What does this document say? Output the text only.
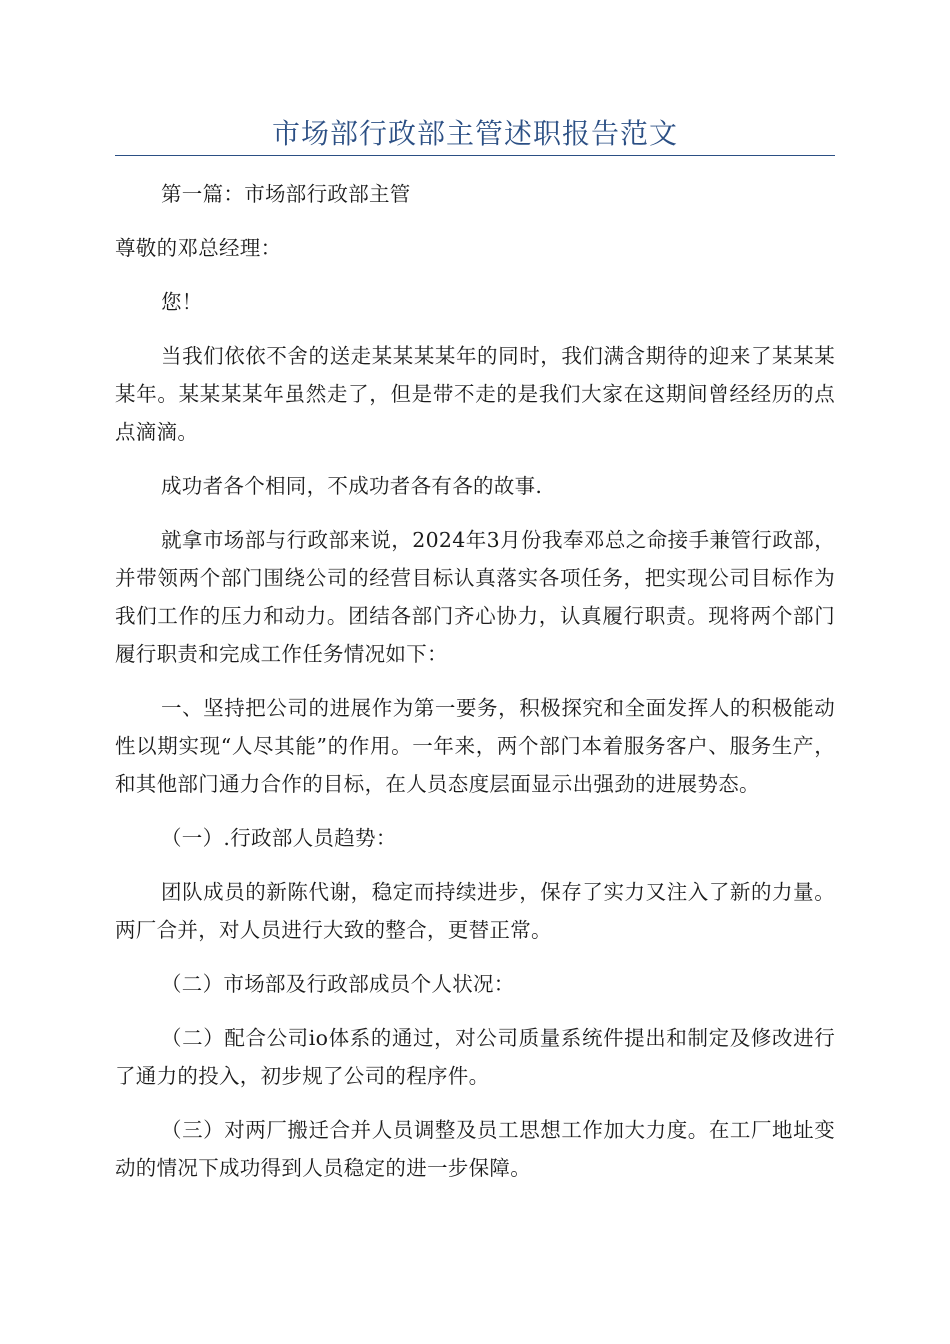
市场部行政部主管述职报告范文

第一篇：市场部行政部主管

尊敬的邓总经理：

您！

当我们依依不舍的送走某某某某年的同时，我们满含期待的迎来了某某某某年。某某某某年虽然走了，但是带不走的是我们大家在这期间曾经经历的点点滴滴。

成功者各个相同，不成功者各有各的故事.

就拿市场部与行政部来说，2024年3月份我奉邓总之命接手兼管行政部，并带领两个部门围绕公司的经营目标认真落实各项任务，把实现公司目标作为我们工作的压力和动力。团结各部门齐心协力，认真履行职责。现将两个部门履行职责和完成工作任务情况如下：

一、坚持把公司的进展作为第一要务，积极探究和全面发挥人的积极能动性以期实现“人尽其能”的作用。一年来，两个部门本着服务客户、服务生产，和其他部门通力合作的目标，在人员态度层面显示出强劲的进展势态。

（一）.行政部人员趋势：

团队成员的新陈代谢，稳定而持续进步，保存了实力又注入了新的力量。两厂合并，对人员进行大致的整合，更替正常。

（二）市场部及行政部成员个人状况：

（二）配合公司io体系的通过，对公司质量系统件提出和制定及修改进行了通力的投入，初步规了公司的程序件。

（三）对两厂搬迁合并人员调整及员工思想工作加大力度。在工厂地址变动的情况下成功得到人员稳定的进一步保障。
